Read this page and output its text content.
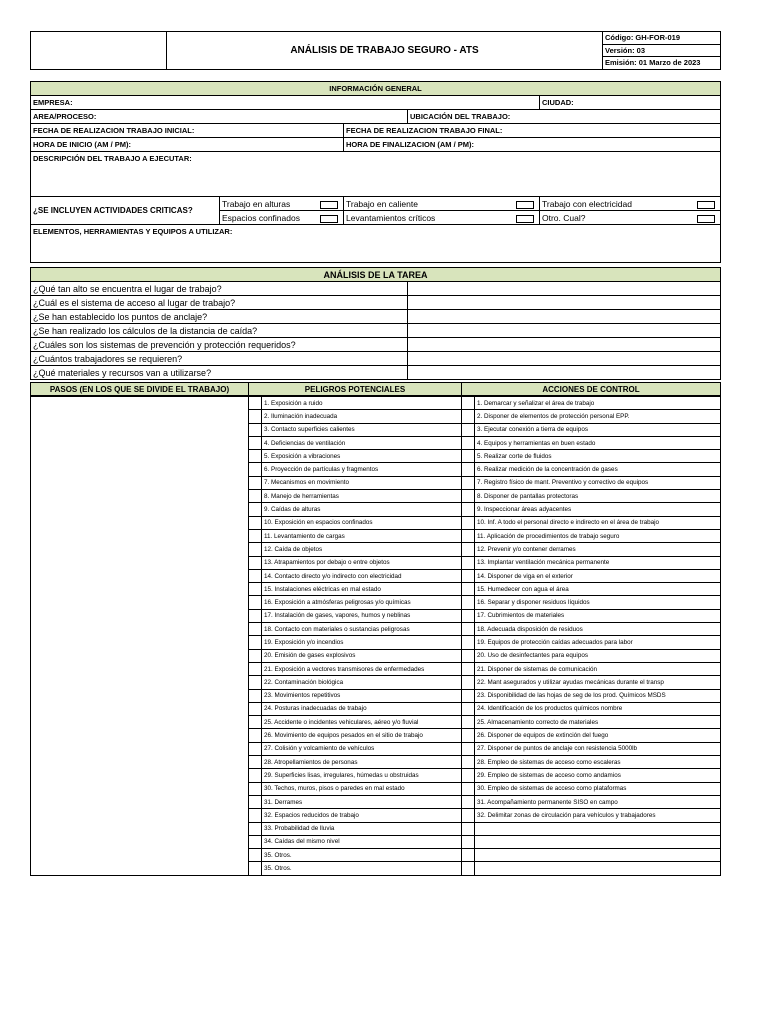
	ANÁLISIS DE TRABAJO SEGURO - ATS	Código: GH-FOR-019
Versión: 03
Emisión: 01 Marzo de 2023
INFORMACIÓN GENERAL				
EMPRESA:				CIUDAD:
AREA/PROCESO:			UBICACIÓN DEL TRABAJO:	
FECHA DE REALIZACION TRABAJO INICIAL:		FECHA DE REALIZACION TRABAJO FINAL:		
HORA DE INICIO (AM / PM):		HORA DE FINALIZACION (AM / PM):		
DESCRIPCIÓN DEL TRABAJO A EJECUTAR:				
¿SE INCLUYEN ACTIVIDADES CRITICAS?	Trabajo en alturas	Trabajo en caliente		Trabajo con electricidad

	Espacios confinados	Levantamientos críticos		Otro. Cual?

ELEMENTOS, HERRAMIENTAS Y EQUIPOS A UTILIZAR:				
ANÁLISIS DE LA TAREA	
¿Qué tan alto se encuentra el lugar de trabajo?	
¿Cuál es el sistema de acceso al lugar de trabajo?	
¿Se han establecido los puntos de anclaje?	
¿Se han realizado los cálculos de la distancia de caída?	
¿Cuáles son los sistemas de prevención y protección requeridos?	
¿Cuántos trabajadores se requieren?	
¿Qué materiales y recursos van a utilizarse?	
PASOS (EN LOS QUE SE DIVIDE EL TRABAJO)	PELIGROS POTENCIALES	ACCIONES DE CONTROL
		1. Exposición a ruido		1. Demarcar y señalizar el área de trabajo
		2. Iluminación inadecuada		2. Disponer de elementos de protección personal EPP.
		3. Contacto superficies calientes		3. Ejecutar conexión a tierra de equipos
		4. Deficiencias de ventilación		4. Equipos y herramientas en buen estado
		5. Exposición a vibraciones		5. Realizar corte de fluidos
		6. Proyección de partículas y fragmentos		6. Realizar medición de la concentración de gases
		7. Mecanismos en movimiento		7. Registro físico de mant. Preventivo y correctivo de equipos
		8. Manejo de herramientas		8. Disponer de pantallas protectoras
		9. Caídas de alturas		9. Inspeccionar áreas adyacentes
		10. Exposición en espacios confinados		10. Inf. A todo el personal directo e indirecto en el área de trabajo
		11. Levantamiento de cargas		11. Aplicación de procedimientos de trabajo seguro
		12. Caída de objetos		12. Prevenir y/o contener derrames
		13. Atrapamientos por debajo o entre objetos		13. Implantar ventilación mecánica permanente
		14. Contacto directo y/o indirecto con electricidad		14. Disponer de viga en el exterior
		15. Instalaciones eléctricas en mal estado		15. Humedecer con agua el área
		16. Exposición a atmósferas peligrosas y/o químicas		16. Separar y disponer residuos líquidos
		17. Instalación de gases, vapores, humos y neblinas		17. Cubrimientos de materiales
		18. Contacto con materiales o sustancias peligrosas		18. Adecuada disposición de residuos
		19. Exposición y/o incendios		19. Equipos de protección caídas adecuados para labor
		20. Emisión de gases explosivos		20. Uso de desinfectantes para equipos
		21. Exposición a vectores transmisores de enfermedades		21. Disponer de sistemas de comunicación
		22. Contaminación biológica		22. Mant asegurados y utilizar ayudas mecánicas durante el transp
		23. Movimientos repetitivos		23. Disponibilidad de las hojas de seg de los prod. Químicos MSDS
		24. Posturas inadecuadas de trabajo		24. Identificación de los productos químicos nombre
		25. Accidente o incidentes vehiculares, aéreo y/o fluvial		25. Almacenamiento correcto de materiales
		26. Movimiento de equipos pesados en el sitio de trabajo		26. Disponer de equipos de extinción del fuego
		27. Colisión y volcamiento de vehículos		27. Disponer de puntos de anclaje con resistencia 5000lb
		28. Atropellamientos de personas		28. Empleo de sistemas de acceso como escaleras
		29. Superficies lisas, irregulares, húmedas u obstruidas		29. Empleo de sistemas de acceso como andamios
		30. Techos, muros, pisos o paredes en mal estado		30. Empleo de sistemas de acceso como plataformas
		31. Derrames		31. Acompañamiento permanente SISO en campo
		32. Espacios reducidos de trabajo		32. Delimitar zonas de circulación para vehículos y trabajadores
		33. Probabilidad de lluvia		
		34. Caídas del mismo nivel		
		35. Otros.		
		35. Otros.		
